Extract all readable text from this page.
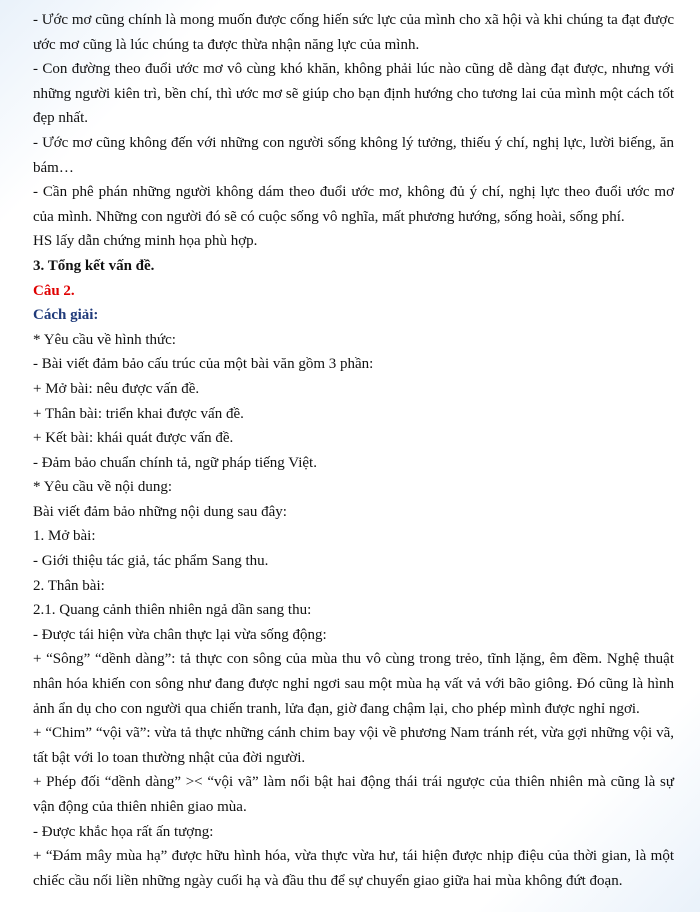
- Ước mơ cũng chính là mong muốn được cống hiến sức lực của mình cho xã hội và khi chúng ta đạt được ước mơ cũng là lúc chúng ta được thừa nhận năng lực của mình.

- Con đường theo đuổi ước mơ vô cùng khó khăn, không phải lúc nào cũng dễ dàng đạt được, nhưng với những người kiên trì, bền chí, thì ước mơ sẽ giúp cho bạn định hướng cho tương lai của mình một cách tốt đẹp nhất.

- Ước mơ cũng không đến với những con người sống không lý tưởng, thiếu ý chí, nghị lực, lười biếng, ăn bám…

- Cần phê phán những người không dám theo đuổi ước mơ, không đủ ý chí, nghị lực theo đuổi ước mơ của mình. Những con người đó sẽ có cuộc sống vô nghĩa, mất phương hướng, sống hoài, sống phí.

HS lấy dẫn chứng minh họa phù hợp.

3. Tổng kết vấn đề.

Câu 2.

Cách giải:

* Yêu cầu về hình thức:

- Bài viết đảm bảo cấu trúc của một bài văn gồm 3 phần:

+ Mở bài: nêu được vấn đề.

+ Thân bài: triển khai được vấn đề.

+ Kết bài: khái quát được vấn đề.

- Đảm bảo chuẩn chính tả, ngữ pháp tiếng Việt.

* Yêu cầu về nội dung:

Bài viết đảm bảo những nội dung sau đây:

1. Mở bài:

- Giới thiệu tác giả, tác phẩm Sang thu.

2. Thân bài:

2.1. Quang cảnh thiên nhiên ngả dần sang thu:

- Được tái hiện vừa chân thực lại vừa sống động:

+ “Sông” “dềnh dàng”: tả thực con sông của mùa thu vô cùng trong trẻo, tĩnh lặng, êm đềm. Nghệ thuật nhân hóa khiến con sông như đang được nghỉ ngơi sau một mùa hạ vất vả với bão giông. Đó cũng là hình ảnh ẩn dụ cho con người qua chiến tranh, lửa đạn, giờ đang chậm lại, cho phép mình được nghỉ ngơi.

+ “Chim” “vội vã”: vừa tả thực những cánh chim bay vội về phương Nam tránh rét, vừa gợi những vội vã, tất bật với lo toan thường nhật của đời người.

+ Phép đối “dềnh dàng” >< “vội vã” làm nổi bật hai động thái trái ngược của thiên nhiên mà cũng là sự vận động của thiên nhiên giao mùa.

- Được khắc họa rất ấn tượng:

+ “Đám mây mùa hạ” được hữu hình hóa, vừa thực vừa hư, tái hiện được nhịp điệu của thời gian, là một chiếc cầu nối liền những ngày cuối hạ và đầu thu để sự chuyển giao giữa hai mùa không đứt đoạn.
